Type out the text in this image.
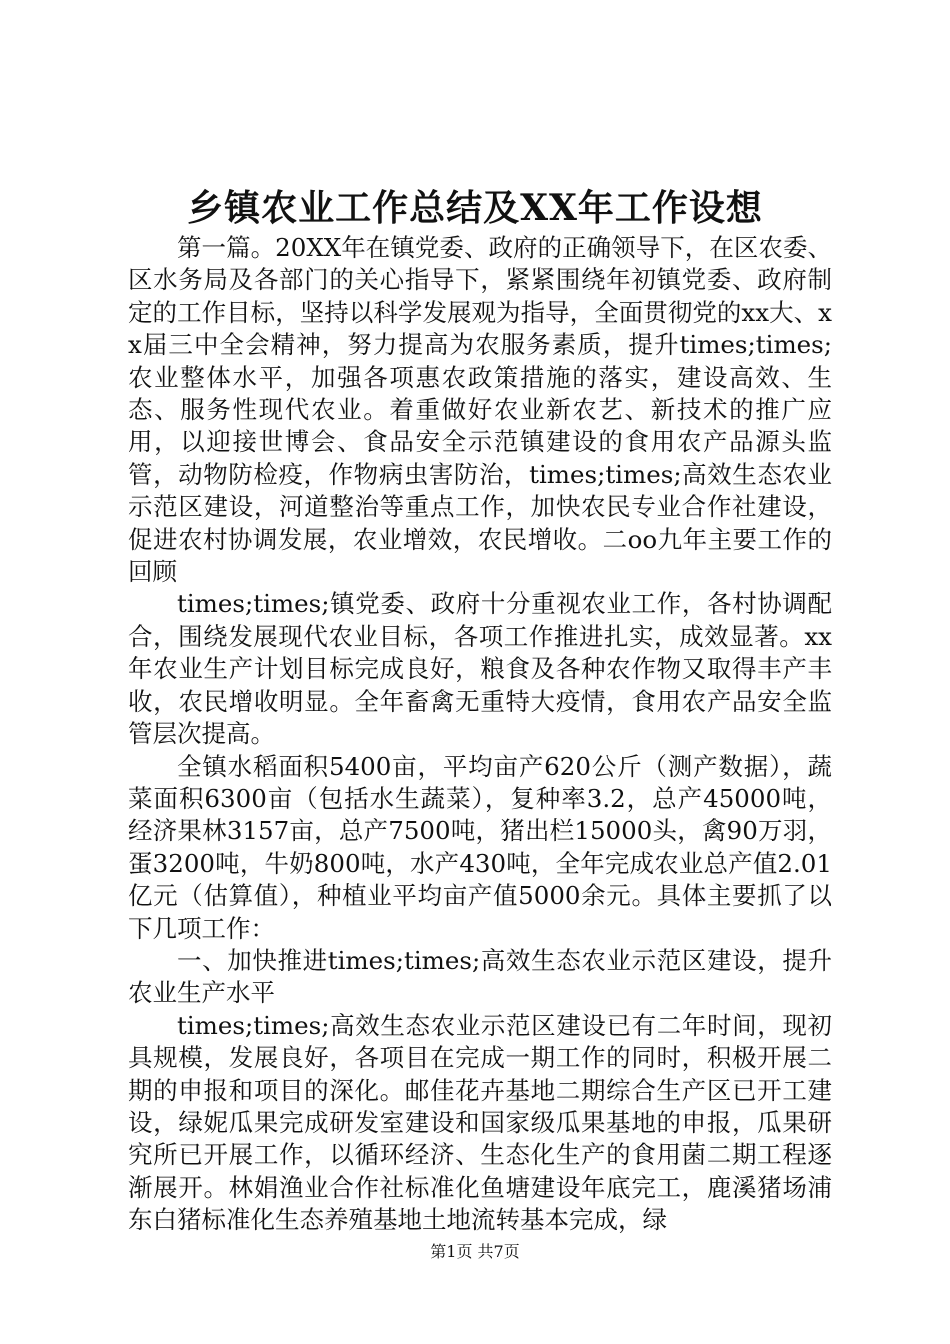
乡镇农业工作总结及XX年工作设想

第一篇。20XX年在镇党委、政府的正确领导下，在区农委、区水务局及各部门的关心指导下，紧紧围绕年初镇党委、政府制定的工作目标，坚持以科学发展观为指导，全面贯彻党的xx大、xx届三中全会精神，努力提高为农服务素质，提升times;times;农业整体水平，加强各项惠农政策措施的落实，建设高效、生态、服务性现代农业。着重做好农业新农艺、新技术的推广应用，以迎接世博会、食品安全示范镇建设的食用农产品源头监管，动物防检疫，作物病虫害防治，times;times;高效生态农业示范区建设，河道整治等重点工作，加快农民专业合作社建设，促进农村协调发展，农业增效，农民增收。二oo九年主要工作的回顾

times;times;镇党委、政府十分重视农业工作，各村协调配合，围绕发展现代农业目标，各项工作推进扎实，成效显著。xx年农业生产计划目标完成良好，粮食及各种农作物又取得丰产丰收，农民增收明显。全年畜禽无重特大疫情，食用农产品安全监管层次提高。

全镇水稻面积5400亩，平均亩产620公斤（测产数据），蔬菜面积6300亩（包括水生蔬菜），复种率3.2，总产45000吨，经济果林3157亩，总产7500吨，猪出栏15000头，禽90万羽，蛋3200吨，牛奶800吨，水产430吨，全年完成农业总产值2.01亿元（估算值），种植业平均亩产值5000余元。具体主要抓了以下几项工作：

一、加快推进times;times;高效生态农业示范区建设，提升农业生产水平

times;times;高效生态农业示范区建设已有二年时间，现初具规模，发展良好，各项目在完成一期工作的同时，积极开展二期的申报和项目的深化。邮佳花卉基地二期综合生产区已开工建设，绿妮瓜果完成研发室建设和国家级瓜果基地的申报，瓜果研究所已开展工作，以循环经济、生态化生产的食用菌二期工程逐渐展开。林娟渔业合作社标准化鱼塘建设年底完工，鹿溪猪场浦东白猪标准化生态养殖基地土地流转基本完成，绿

第1页 共7页
